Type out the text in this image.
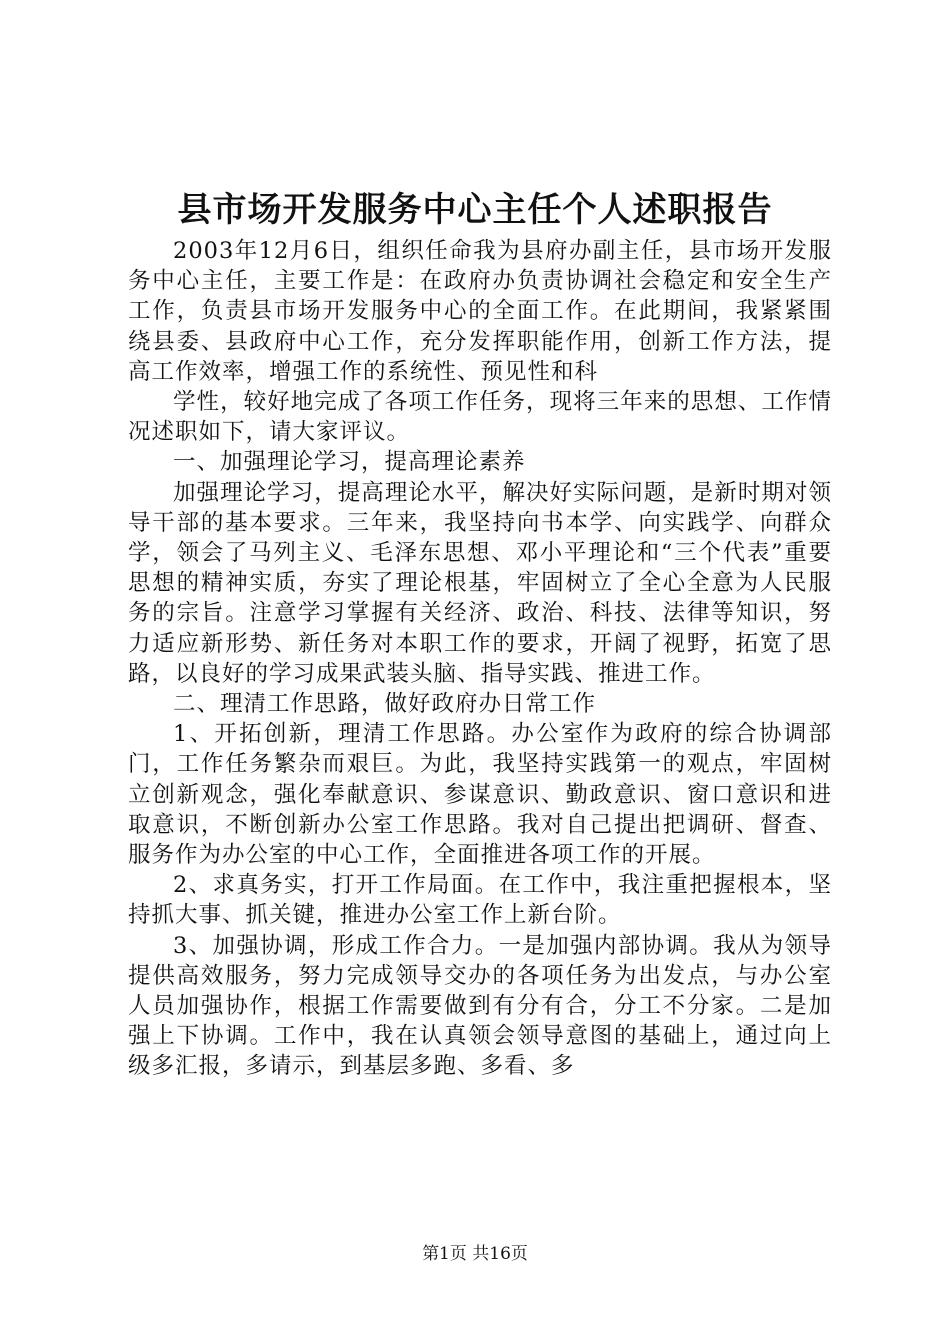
县市场开发服务中心主任个人述职报告

2003年12月6日，组织任命我为县府办副主任，县市场开发服务中心主任，主要工作是：在政府办负责协调社会稳定和安全生产工作，负责县市场开发服务中心的全面工作。在此期间，我紧紧围绕县委、县政府中心工作，充分发挥职能作用，创新工作方法，提高工作效率，增强工作的系统性、预见性和科

学性，较好地完成了各项工作任务，现将三年来的思想、工作情况述职如下，请大家评议。

一、加强理论学习，提高理论素养

加强理论学习，提高理论水平，解决好实际问题，是新时期对领导干部的基本要求。三年来，我坚持向书本学、向实践学、向群众学，领会了马列主义、毛泽东思想、邓小平理论和“三个代表”重要思想的精神实质，夯实了理论根基，牢固树立了全心全意为人民服务的宗旨。注意学习掌握有关经济、政治、科技、法律等知识，努力适应新形势、新任务对本职工作的要求，开阔了视野，拓宽了思路，以良好的学习成果武装头脑、指导实践、推进工作。

二、理清工作思路，做好政府办日常工作

1、开拓创新，理清工作思路。办公室作为政府的综合协调部门，工作任务繁杂而艰巨。为此，我坚持实践第一的观点，牢固树立创新观念，强化奉献意识、参谋意识、勤政意识、窗口意识和进取意识，不断创新办公室工作思路。我对自己提出把调研、督查、服务作为办公室的中心工作，全面推进各项工作的开展。

2、求真务实，打开工作局面。在工作中，我注重把握根本，坚持抓大事、抓关键，推进办公室工作上新台阶。

3、加强协调，形成工作合力。一是加强内部协调。我从为领导提供高效服务，努力完成领导交办的各项任务为出发点，与办公室人员加强协作，根据工作需要做到有分有合，分工不分家。二是加强上下协调。工作中，我在认真领会领导意图的基础上，通过向上级多汇报，多请示，到基层多跑、多看、多

第1页 共16页
